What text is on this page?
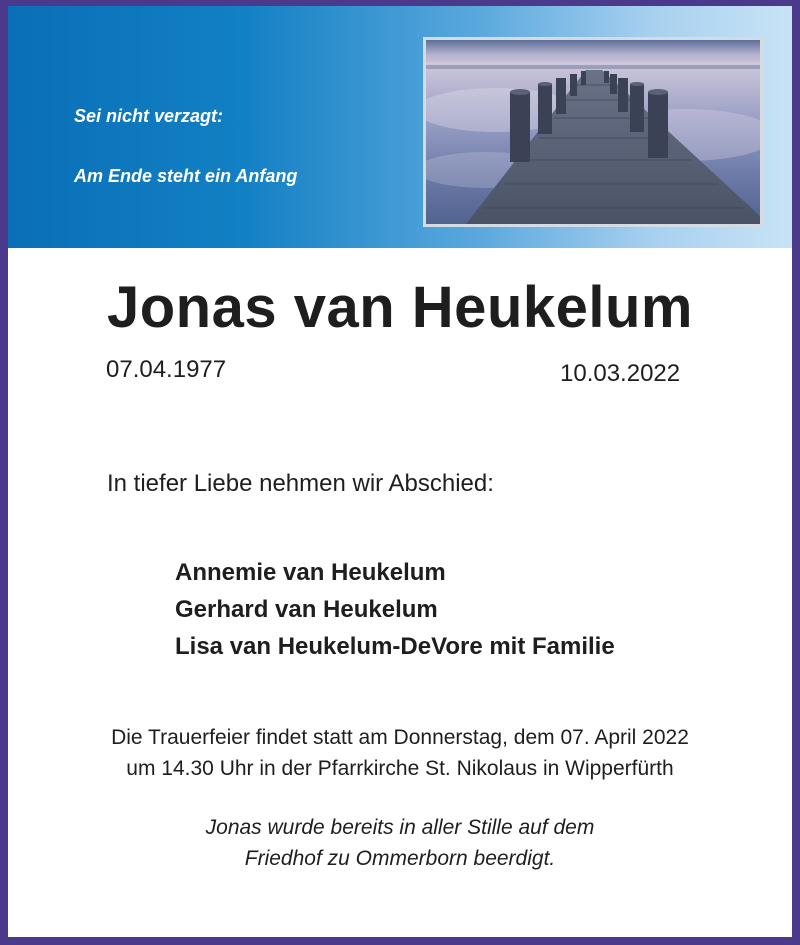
Sei nicht verzagt:
Am Ende steht ein Anfang
Jonas van Heukelum
07.04.1977	10.03.2022
In tiefer Liebe nehmen wir Abschied:
Annemie van Heukelum
Gerhard van Heukelum
Lisa van Heukelum-DeVore mit Familie
Die Trauerfeier findet statt am Donnerstag, dem 07. April 2022
um 14.30 Uhr in der Pfarrkirche St. Nikolaus in Wipperfürth
Jonas wurde bereits in aller Stille auf dem
Friedhof zu Ommerborn beerdigt.
